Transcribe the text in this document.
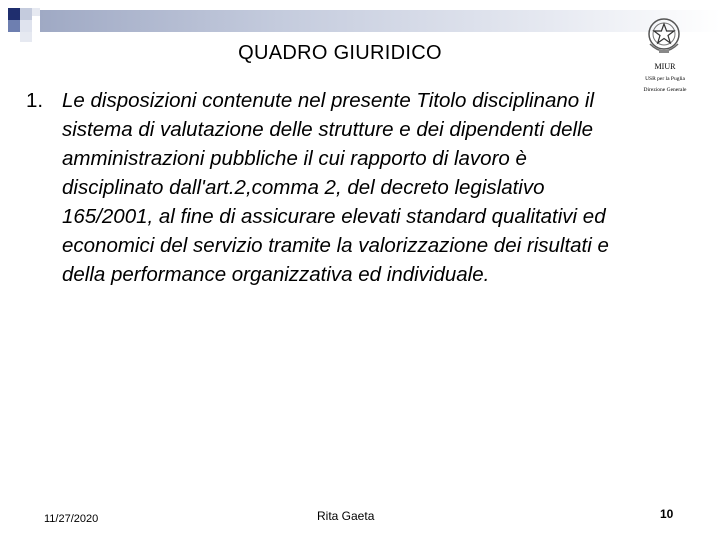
QUADRO GIURIDICO
MIUR
USR per la Puglia
Direzione Generale
1. Le disposizioni contenute nel presente Titolo disciplinano il sistema di valutazione delle strutture e dei dipendenti delle amministrazioni pubbliche il cui rapporto di lavoro è disciplinato dall'art.2,comma 2, del decreto legislativo 165/2001, al fine di assicurare elevati standard qualitativi ed economici del servizio tramite la valorizzazione dei risultati e della performance organizzativa ed individuale.
11/27/2020	Rita Gaeta	10
